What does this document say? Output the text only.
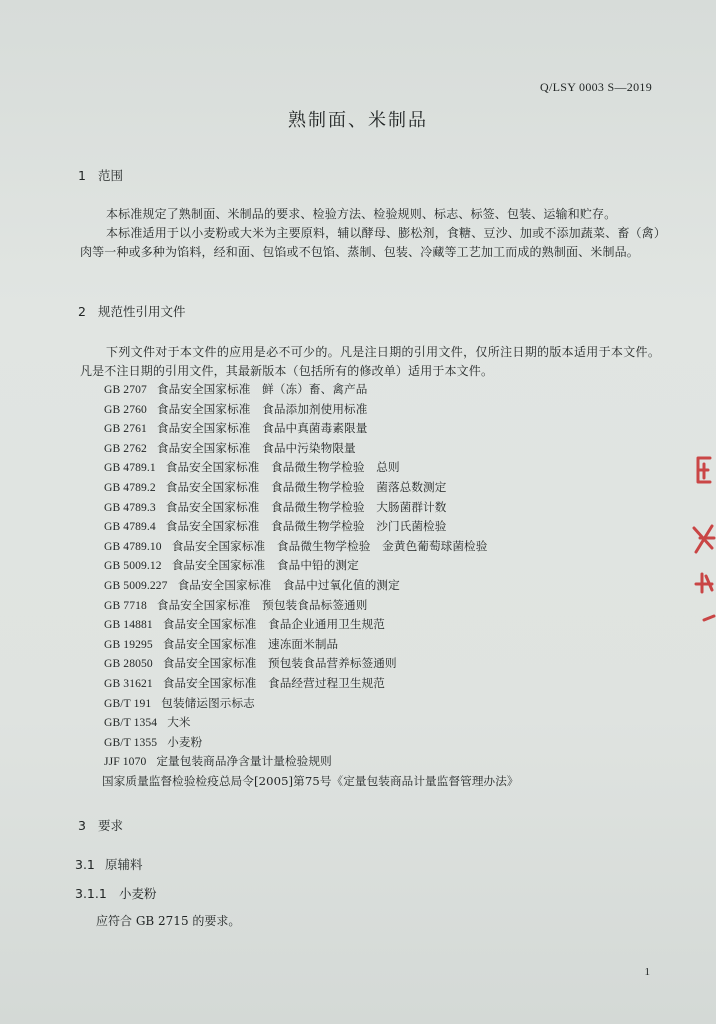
Q/LSY 0003 S—2019
熟制面、米制品
1 范围
本标准规定了熟制面、米制品的要求、检验方法、检验规则、标志、标签、包装、运输和贮存。
本标准适用于以小麦粉或大米为主要原料，辅以酵母、膨松剂，食糖、豆沙、加或不添加蔬菜、畜（禽）肉等一种或多种为馅料，经和面、包馅或不包馅、蒸制、包装、冷藏等工艺加工而成的熟制面、米制品。
2 规范性引用文件
下列文件对于本文件的应用是必不可少的。凡是注日期的引用文件，仅所注日期的版本适用于本文件。凡是不注日期的引用文件，其最新版本（包括所有的修改单）适用于本文件。
GB 2707 食品安全国家标准　鲜（冻）畜、禽产品
GB 2760 食品安全国家标准　食品添加剂使用标准
GB 2761 食品安全国家标准　食品中真菌毒素限量
GB 2762 食品安全国家标准　食品中污染物限量
GB 4789.1 食品安全国家标准　食品微生物学检验　总则
GB 4789.2 食品安全国家标准　食品微生物学检验　菌落总数测定
GB 4789.3 食品安全国家标准　食品微生物学检验　大肠菌群计数
GB 4789.4 食品安全国家标准　食品微生物学检验　沙门氏菌检验
GB 4789.10 食品安全国家标准　食品微生物学检验　金黄色葡萄球菌检验
GB 5009.12 食品安全国家标准　食品中铅的测定
GB 5009.227 食品安全国家标准　食品中过氧化值的测定
GB 7718 食品安全国家标准　预包装食品标签通则
GB 14881 食品安全国家标准　食品企业通用卫生规范
GB 19295 食品安全国家标准　速冻面米制品
GB 28050 食品安全国家标准　预包装食品营养标签通则
GB 31621 食品安全国家标准　食品经营过程卫生规范
GB/T 191 包装储运图示标志
GB/T 1354 大米
GB/T 1355 小麦粉
JJF 1070 定量包装商品净含量计量检验规则
国家质量监督检验检疫总局令[2005]第75号《定量包装商品计量监督管理办法》
3 要求
3.1 原辅料
3.1.1 小麦粉
应符合 GB 2715 的要求。
1
